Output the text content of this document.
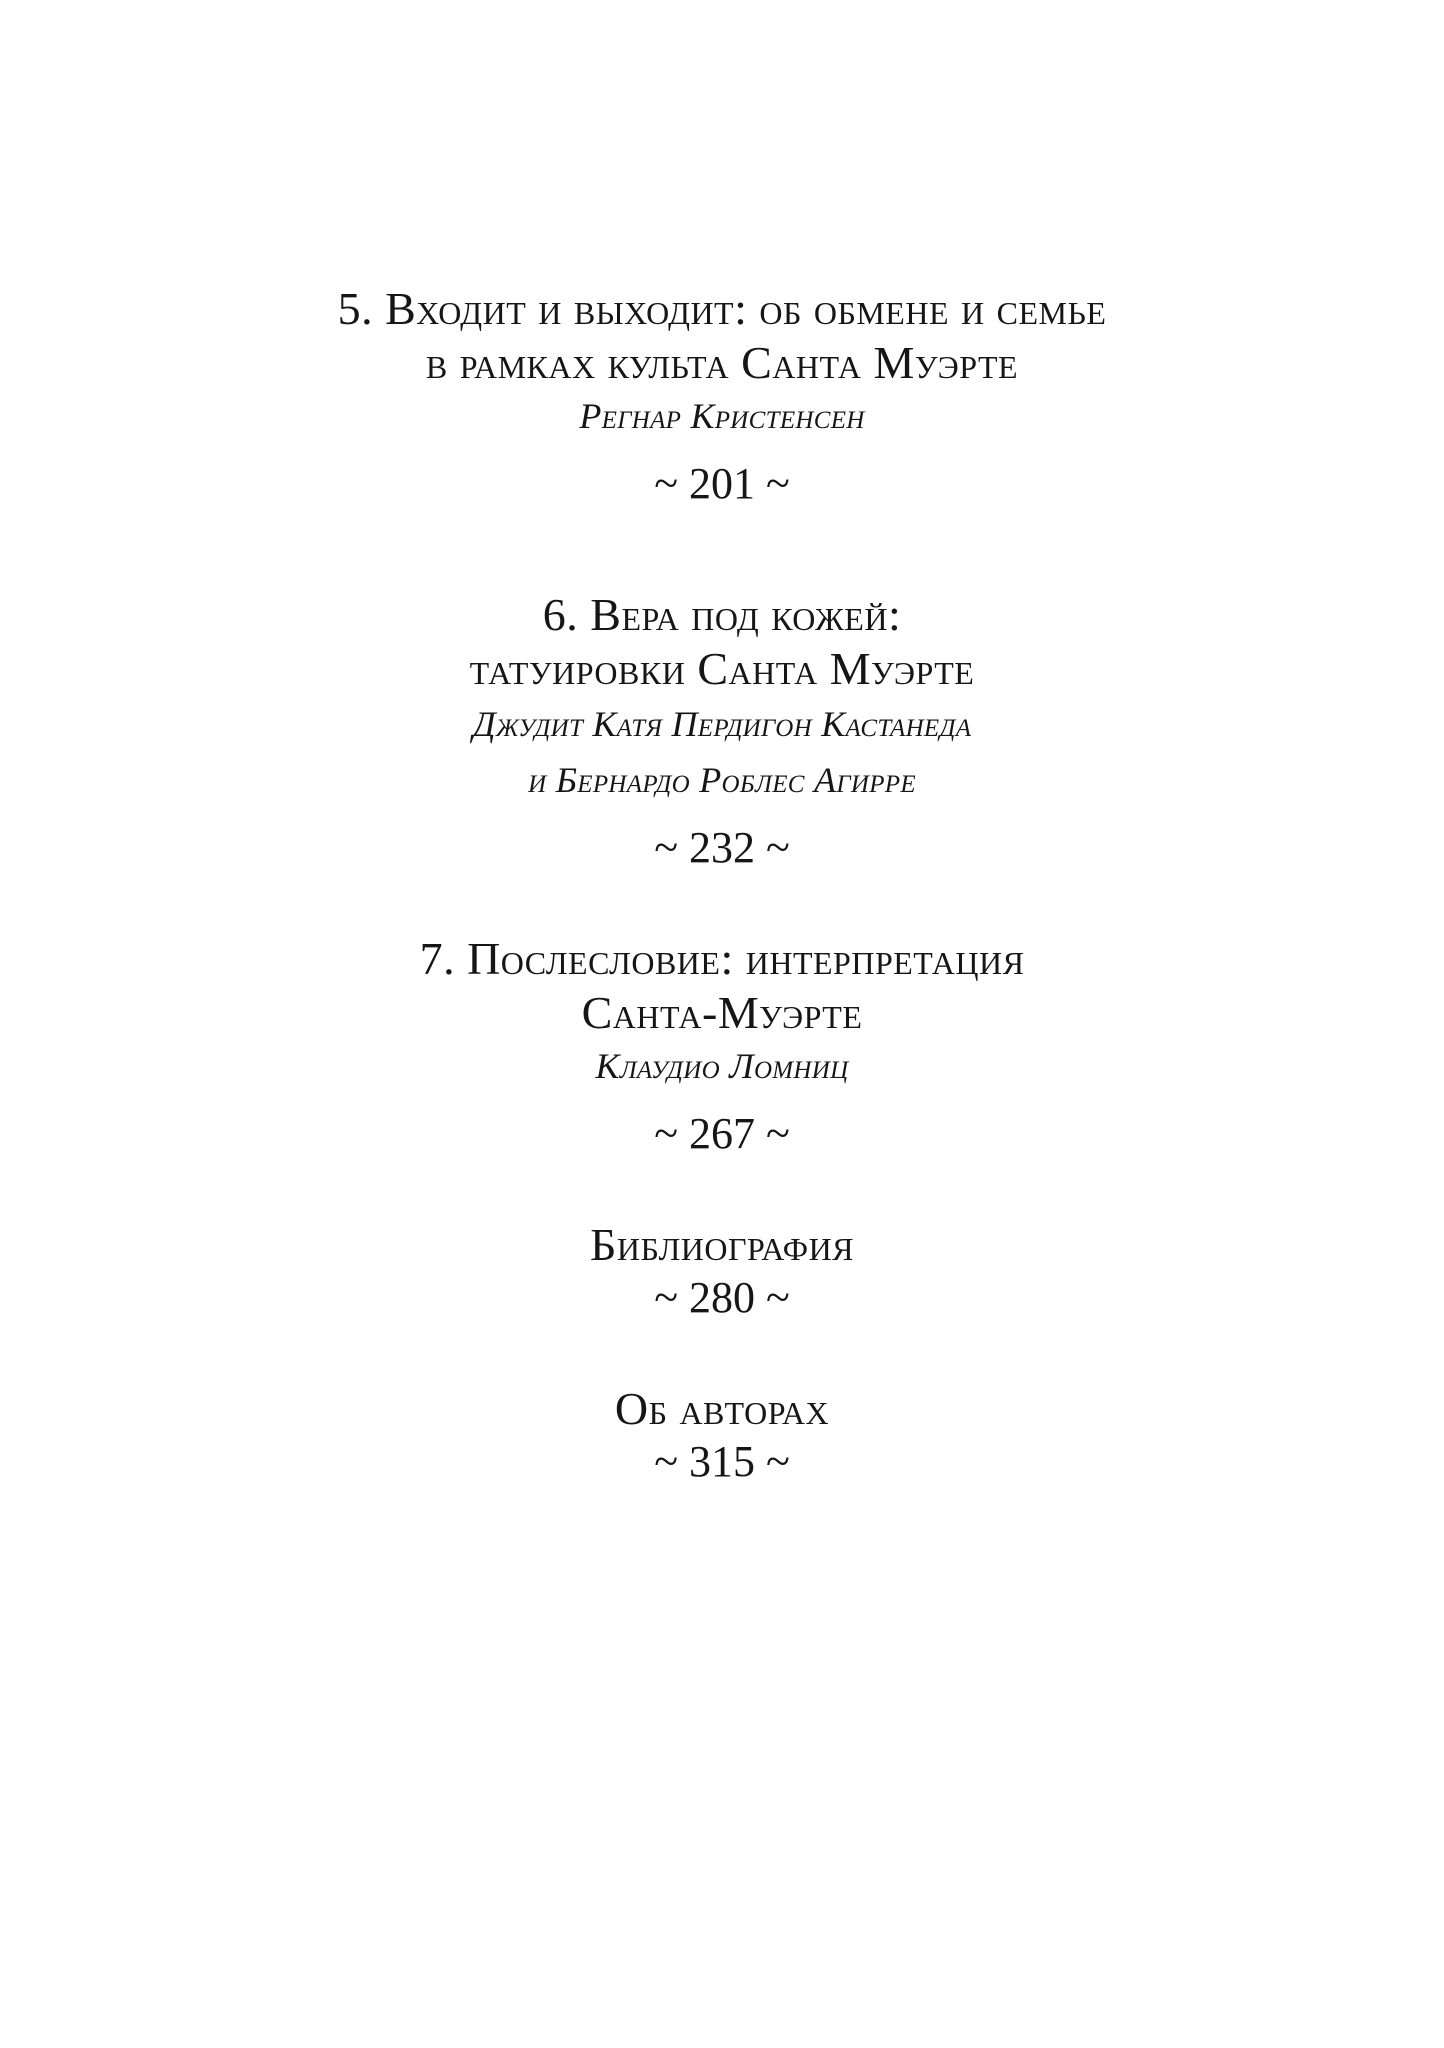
5. Входит и выходит: об обмене и семье
в рамках культа Санта Муэрте
Регнар Кристенсен
~ 201 ~
6. Вера под кожей:
татуировки Санта Муэрте
Джудит Катя Пердигон Кастанеда
и Бернардо Роблес Агирре
~ 232 ~
7. Послесловие: интерпретация
Санта-Муэрте
Клаудио Ломниц
~ 267 ~
Библиография
~ 280 ~
Об авторах
~ 315 ~
